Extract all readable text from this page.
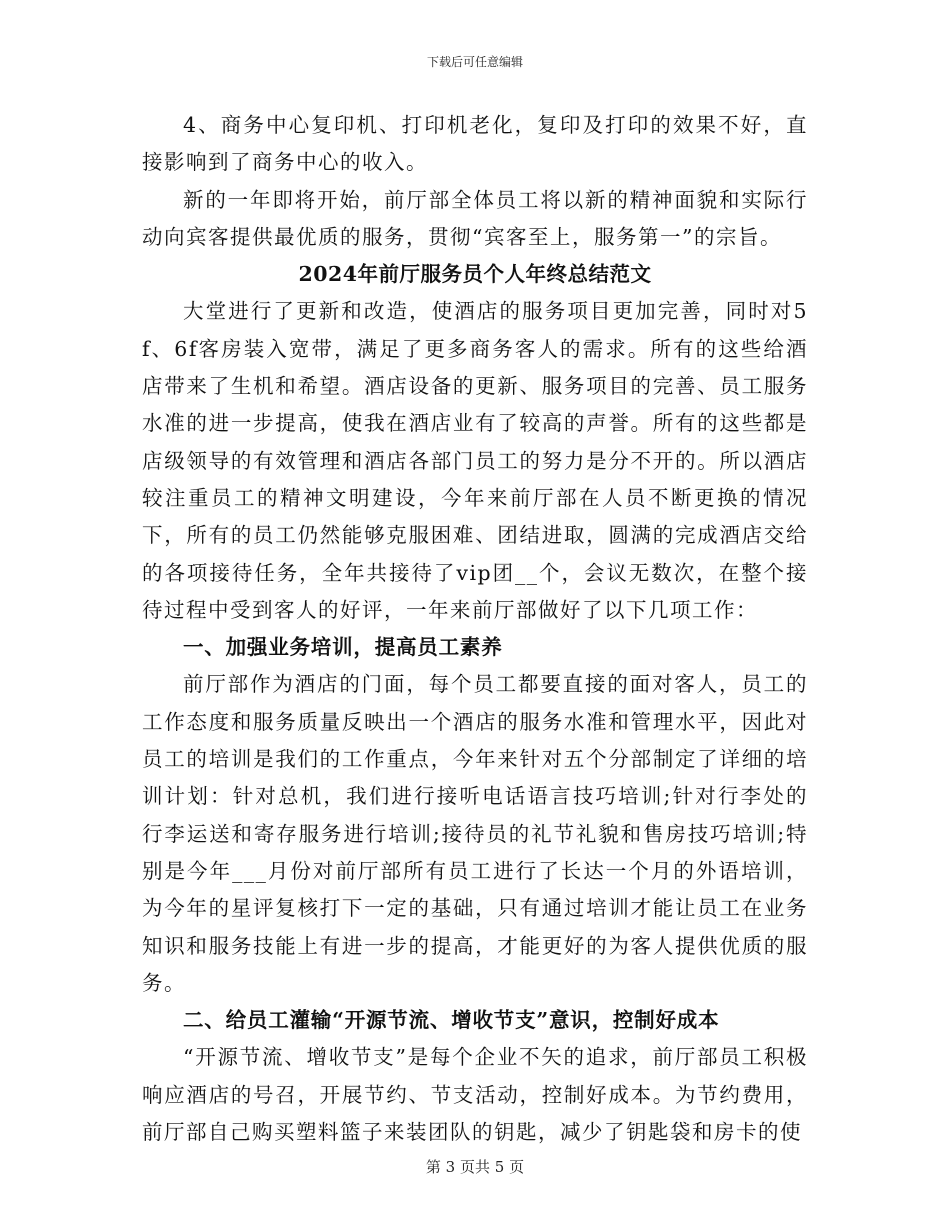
下载后可任意编辑

4、商务中心复印机、打印机老化，复印及打印的效果不好，直接影响到了商务中心的收入。

新的一年即将开始，前厅部全体员工将以新的精神面貌和实际行动向宾客提供最优质的服务，贯彻“宾客至上，服务第一”的宗旨。

2024年前厅服务员个人年终总结范文

大堂进行了更新和改造，使酒店的服务项目更加完善，同时对5f、6f客房装入宽带，满足了更多商务客人的需求。所有的这些给酒店带来了生机和希望。酒店设备的更新、服务项目的完善、员工服务水准的进一步提高，使我在酒店业有了较高的声誉。所有的这些都是店级领导的有效管理和酒店各部门员工的努力是分不开的。所以酒店较注重员工的精神文明建设，今年来前厅部在人员不断更换的情况下，所有的员工仍然能够克服困难、团结进取，圆满的完成酒店交给的各项接待任务，全年共接待了vip团__个，会议无数次，在整个接待过程中受到客人的好评，一年来前厅部做好了以下几项工作：

一、加强业务培训，提高员工素养

前厅部作为酒店的门面，每个员工都要直接的面对客人，员工的工作态度和服务质量反映出一个酒店的服务水准和管理水平，因此对员工的培训是我们的工作重点，今年来针对五个分部制定了详细的培训计划：针对总机，我们进行接听电话语言技巧培训;针对行李处的行李运送和寄存服务进行培训;接待员的礼节礼貌和售房技巧培训;特别是今年___月份对前厅部所有员工进行了长达一个月的外语培训，为今年的星评复核打下一定的基础，只有通过培训才能让员工在业务知识和服务技能上有进一步的提高，才能更好的为客人提供优质的服务。

二、给员工灌输“开源节流、增收节支”意识，控制好成本

“开源节流、增收节支”是每个企业不矢的追求，前厅部员工积极响应酒店的号召，开展节约、节支活动，控制好成本。为节约费用，前厅部自己购买塑料篮子来装团队的钥匙，减少了钥匙袋和房卡的使

第 3 页共 5 页
